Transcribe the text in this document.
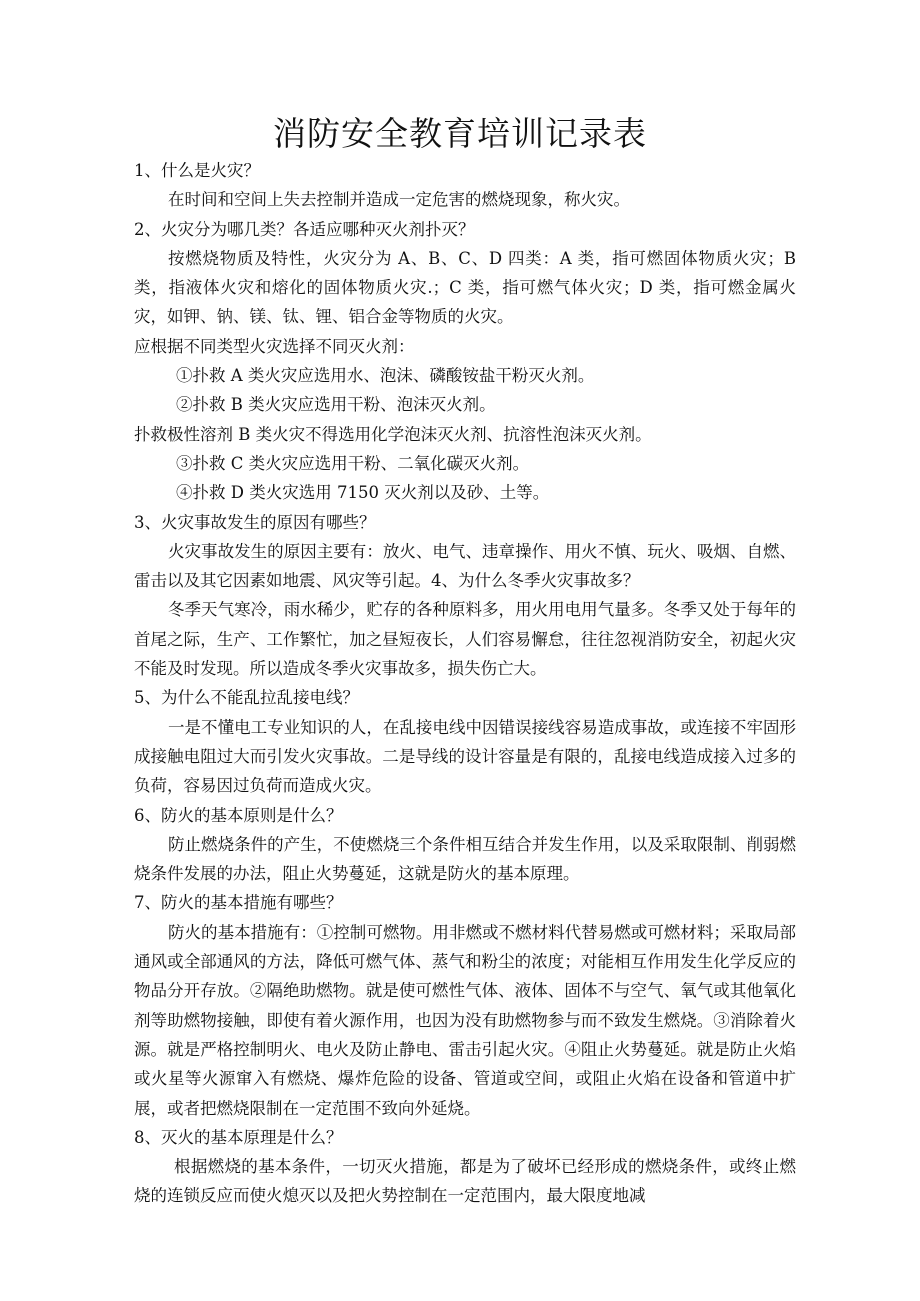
消防安全教育培训记录表

1、什么是火灾？

在时间和空间上失去控制并造成一定危害的燃烧现象，称火灾。

2、火灾分为哪几类？各适应哪种灭火剂扑灭？

按燃烧物质及特性，火灾分为 A、B、C、D 四类：A 类，指可燃固体物质火灾；B 类，指液体火灾和熔化的固体物质火灾.；C 类，指可燃气体火灾；D 类，指可燃金属火灾，如钾、钠、镁、钛、锂、铝合金等物质的火灾。

应根据不同类型火灾选择不同灭火剂：

①扑救 A 类火灾应选用水、泡沫、磷酸铵盐干粉灭火剂。

②扑救 B 类火灾应选用干粉、泡沫灭火剂。

扑救极性溶剂 B 类火灾不得选用化学泡沫灭火剂、抗溶性泡沫灭火剂。

③扑救 C 类火灾应选用干粉、二氧化碳灭火剂。

④扑救 D 类火灾选用 7150 灭火剂以及砂、土等。

3、火灾事故发生的原因有哪些？

火灾事故发生的原因主要有：放火、电气、违章操作、用火不慎、玩火、吸烟、自燃、雷击以及其它因素如地震、风灾等引起。4、为什么冬季火灾事故多？

冬季天气寒冷，雨水稀少，贮存的各种原料多，用火用电用气量多。冬季又处于每年的首尾之际，生产、工作繁忙，加之昼短夜长，人们容易懈怠，往往忽视消防安全，初起火灾不能及时发现。所以造成冬季火灾事故多，损失伤亡大。

5、为什么不能乱拉乱接电线？

一是不懂电工专业知识的人，在乱接电线中因错误接线容易造成事故，或连接不牢固形成接触电阻过大而引发火灾事故。二是导线的设计容量是有限的，乱接电线造成接入过多的负荷，容易因过负荷而造成火灾。

6、防火的基本原则是什么？

防止燃烧条件的产生，不使燃烧三个条件相互结合并发生作用，以及采取限制、削弱燃烧条件发展的办法，阻止火势蔓延，这就是防火的基本原理。

7、防火的基本措施有哪些？

防火的基本措施有：①控制可燃物。用非燃或不燃材料代替易燃或可燃材料；采取局部通风或全部通风的方法，降低可燃气体、蒸气和粉尘的浓度；对能相互作用发生化学反应的物品分开存放。②隔绝助燃物。就是使可燃性气体、液体、固体不与空气、氧气或其他氧化剂等助燃物接触，即使有着火源作用，也因为没有助燃物参与而不致发生燃烧。③消除着火源。就是严格控制明火、电火及防止静电、雷击引起火灾。④阻止火势蔓延。就是防止火焰或火星等火源窜入有燃烧、爆炸危险的设备、管道或空间，或阻止火焰在设备和管道中扩展，或者把燃烧限制在一定范围不致向外延烧。

8、灭火的基本原理是什么？

根据燃烧的基本条件，一切灭火措施，都是为了破坏已经形成的燃烧条件，或终止燃烧的连锁反应而使火熄灭以及把火势控制在一定范围内，最大限度地减
